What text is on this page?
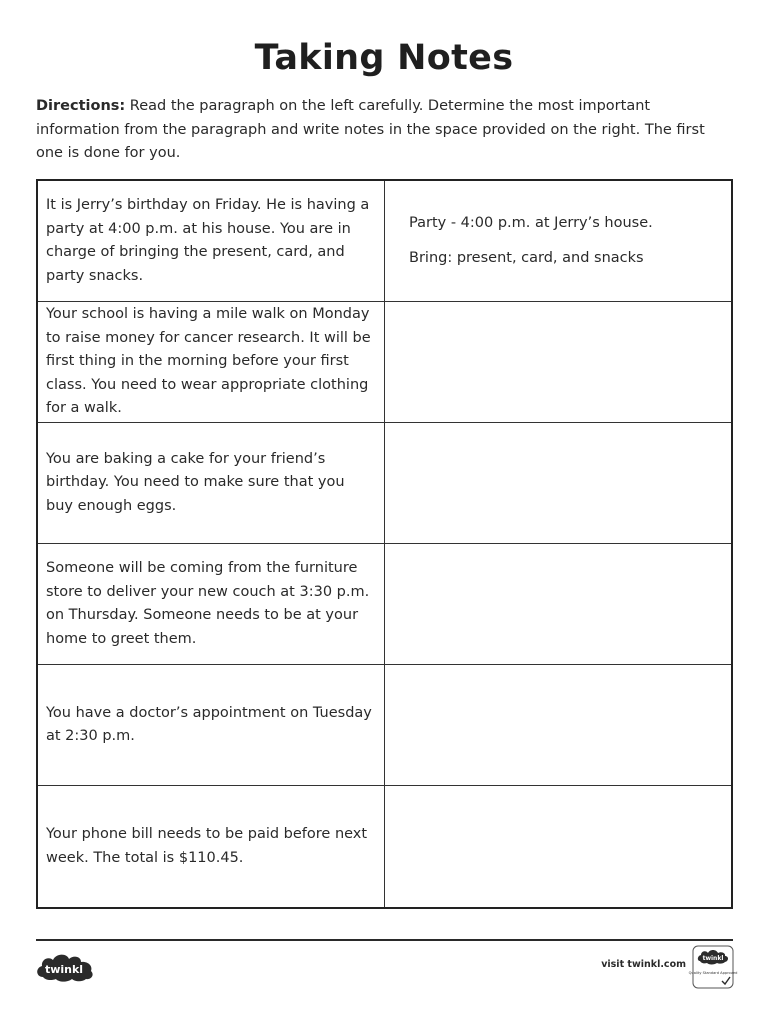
Taking Notes
Directions: Read the paragraph on the left carefully. Determine the most important information from the paragraph and write notes in the space provided on the right. The first one is done for you.
It is Jerry’s birthday on Friday. He is having a party at 4:00 p.m. at his house. You are in charge of bringing the present, card, and party snacks.

Party - 4:00 p.m. at Jerry’s house.

Bring: present, card, and snacks

Your school is having a mile walk on Monday to raise money for cancer research. It will be first thing in the morning before your first class. You need to wear appropriate clothing for a walk.
You are baking a cake for your friend’s birthday. You need to make sure that you buy enough eggs.
Someone will be coming from the furniture store to deliver your new couch at 3:30 p.m. on Thursday. Someone needs to be at your home to greet them.
You have a doctor’s appointment on Tuesday at 2:30 p.m.
Your phone bill needs to be paid before next week. The total is $110.45.
twinkl	visit twinkl.com
twinkl
Quality Standard Approved
